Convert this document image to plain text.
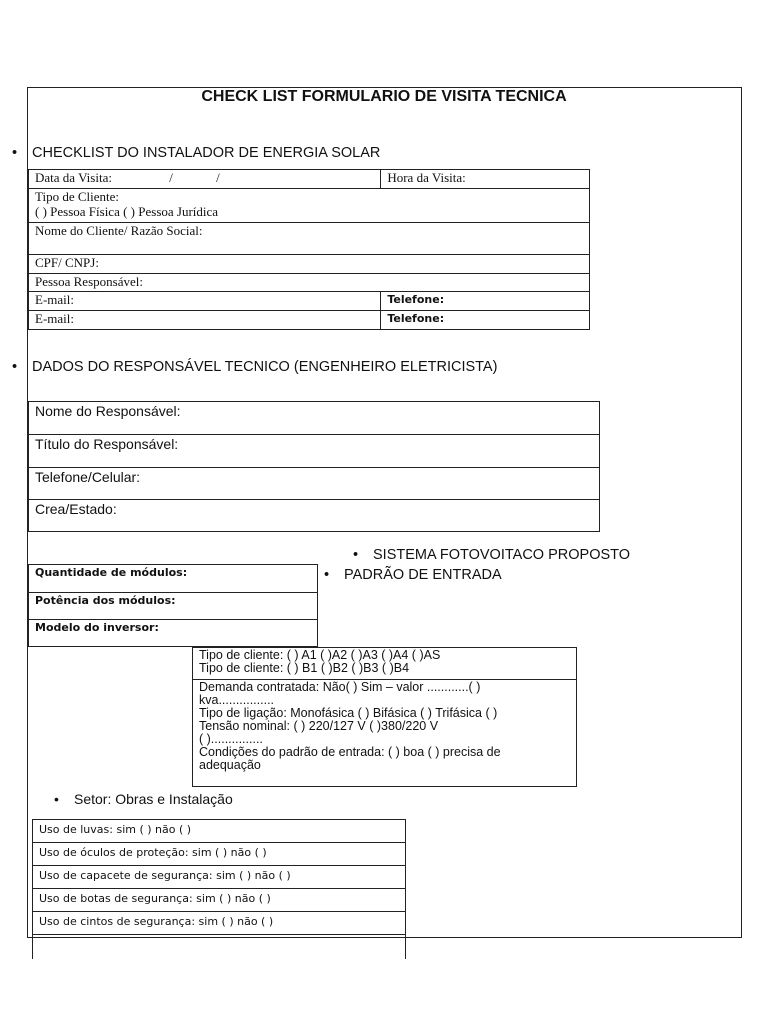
CHECK LIST FORMULARIO DE VISITA TECNICA
• CHECKLIST DO INSTALADOR DE ENERGIA SOLAR
Data da Visita: / /	Hora da Visita:

Tipo de Cliente:
( ) Pessoa Física ( ) Pessoa Jurídica	

Nome do Cliente/ Razão Social:	
CPF/ CNPJ:	
Pessoa Responsável:	
E-mail:	Telefone:
E-mail:	Telefone:
• DADOS DO RESPONSÁVEL TECNICO (ENGENHEIRO ELETRICISTA)
Nome do Responsável:
Título do Responsável:
Telefone/Celular:
Crea/Estado:
• SISTEMA FOTOVOITACO PROPOSTO
• PADRÃO DE ENTRADA
Quantidade de módulos:
Potência dos módulos:
Modelo do inversor:
Tipo de cliente: ( ) A1 ( )A2 ( )A3 ( )A4 ( )AS
Tipo de cliente: ( ) B1 ( )B2 ( )B3 ( )B4

Demanda contratada: Não( ) Sim – valor ............( )
kva................
Tipo de ligação: Monofásica ( ) Bifásica ( ) Trifásica ( )
Tensão nominal: ( ) 220/127 V ( )380/220 V
( )...............
Condições do padrão de entrada: ( ) boa ( ) precisa de
adequação
• Setor: Obras e Instalação
Uso de luvas: sim ( ) não ( )
Uso de óculos de proteção: sim ( ) não ( )
Uso de capacete de segurança: sim ( ) não ( )
Uso de botas de segurança: sim ( ) não ( )
Uso de cintos de segurança: sim ( ) não ( )
